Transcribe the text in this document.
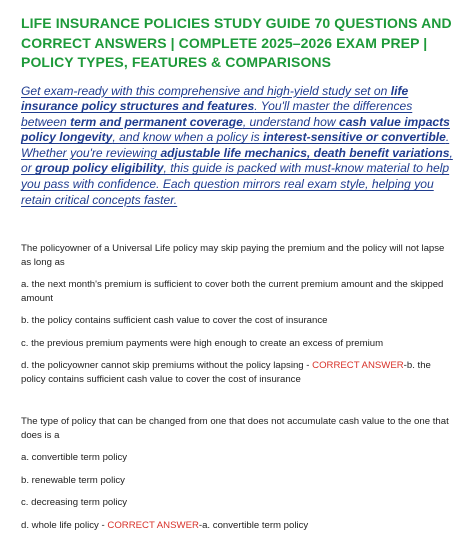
LIFE INSURANCE POLICIES STUDY GUIDE 70 QUESTIONS AND CORRECT ANSWERS | COMPLETE 2025–2026 EXAM PREP | POLICY TYPES, FEATURES & COMPARISONS
Get exam-ready with this comprehensive and high-yield study set on life insurance policy structures and features. You'll master the differences between term and permanent coverage, understand how cash value impacts policy longevity, and know when a policy is interest-sensitive or convertible. Whether you're reviewing adjustable life mechanics, death benefit variations, or group policy eligibility, this guide is packed with must-know material to help you pass with confidence. Each question mirrors real exam style, helping you retain critical concepts faster.

The policyowner of a Universal Life policy may skip paying the premium and the policy will not lapse as long as

a. the next month's premium is sufficient to cover both the current premium amount and the skipped amount

b. the policy contains sufficient cash value to cover the cost of insurance

c. the previous premium payments were high enough to create an excess of premium

d. the policyowner cannot skip premiums without the policy lapsing - CORRECT ANSWER-b. the policy contains sufficient cash value to cover the cost of insurance

The type of policy that can be changed from one that does not accumulate cash value to the one that does is a

a. convertible term policy

b. renewable term policy

c. decreasing term policy

d. whole life policy - CORRECT ANSWER-a. convertible term policy
